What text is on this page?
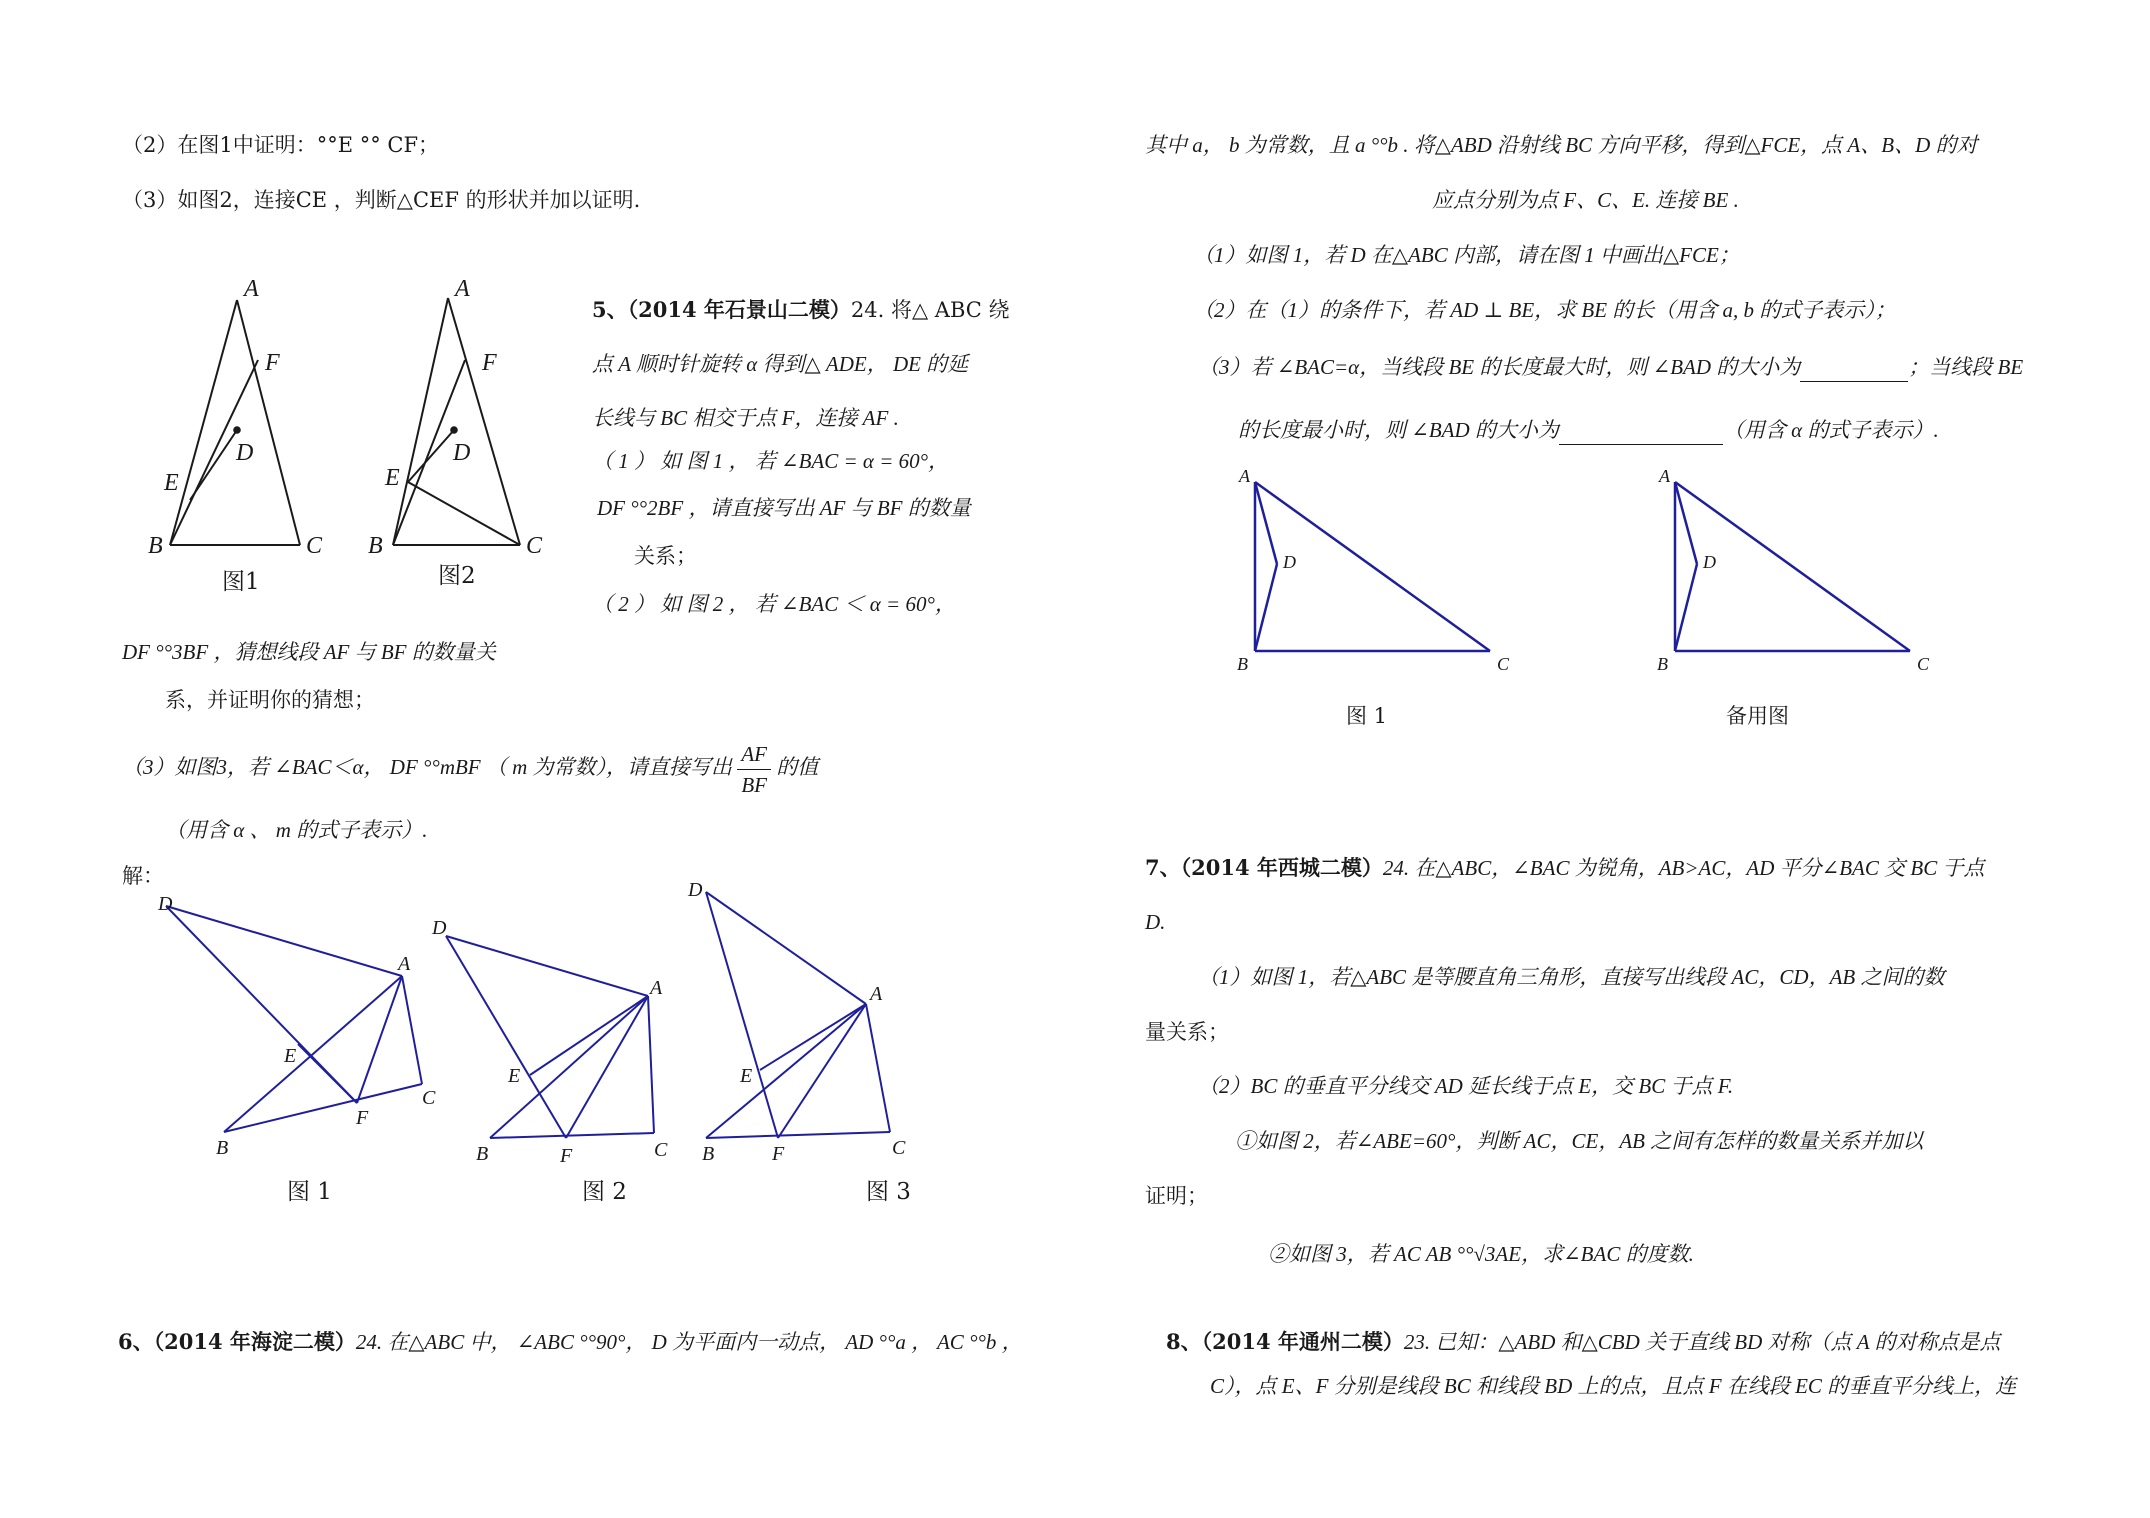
（2）在图1中证明：°°E °° CF；
（3）如图2，连接CE ，判断△CEF 的形状并加以证明.
A
F
D
E
B	C
A
F
D
E
B	C
图1	图2
5、（2014 年石景山二模）24. 将△ ABC 绕
点 A 顺时针旋转 α 得到△ ADE， DE 的延
长线与 BC 相交于点 F，连接 AF .
（ 1 ） 如 图 1 ， 若 ∠BAC = α = 60°，
DF °°2BF ，请直接写出 AF 与 BF 的数量
关系；
（ 2 ） 如 图 2 ， 若 ∠BAC ＜ α = 60°，
DF °°3BF ，猜想线段 AF 与 BF 的数量关
系，并证明你的猜想；
（3）如图3，若 ∠BAC＜α， DF °°mBF （ m 为常数），请直接写出 $\frac{AF}{BF}$ 的值
（用含 α 、 m 的式子表示）.
解：
D
A
E
C
F
B
D
A
E
B	F	C
D
A
E
B	F	C
图 1	图 2	图 3
6、（2014 年海淀二模）24. 在△ABC 中， ∠ABC °°90°， D 为平面内一动点， AD °°a ， AC °°b ，
其中 a， b 为常数，且 a °°b . 将△ABD 沿射线 BC 方向平移，得到△FCE，点 A、B、D 的对
应点分别为点 F、C、E. 连接 BE .
（1）如图 1，若 D 在△ABC 内部，请在图 1 中画出△FCE；
（2）在（1）的条件下，若 AD ⊥ BE，求 BE 的长（用含 a, b 的式子表示）；
（3）若 ∠BAC=α，当线段 BE 的长度最大时，则 ∠BAD 的大小为	；当线段 BE
的长度最小时，则 ∠BAD 的大小为	（用含 α 的式子表示）.
A
D
B	C
A
D
B	C
图 1	备用图
7、（2014 年西城二模）24. 在△ABC，∠BAC 为锐角，AB>AC，AD 平分∠BAC 交 BC 于点
D.
（1）如图 1，若△ABC 是等腰直角三角形，直接写出线段 AC，CD，AB 之间的数
量关系；
（2）BC 的垂直平分线交 AD 延长线于点 E，交 BC 于点 F.
①如图 2，若∠ABE=60°，判断 AC，CE，AB 之间有怎样的数量关系并加以
证明；
②如图 3，若 AC AB °°√3AE，求∠BAC 的度数.
8、（2014 年通州二模）23. 已知：△ABD 和△CBD 关于直线 BD 对称（点 A 的对称点是点
C），点 E、F 分别是线段 BC 和线段 BD 上的点，且点 F 在线段 EC 的垂直平分线上，连
